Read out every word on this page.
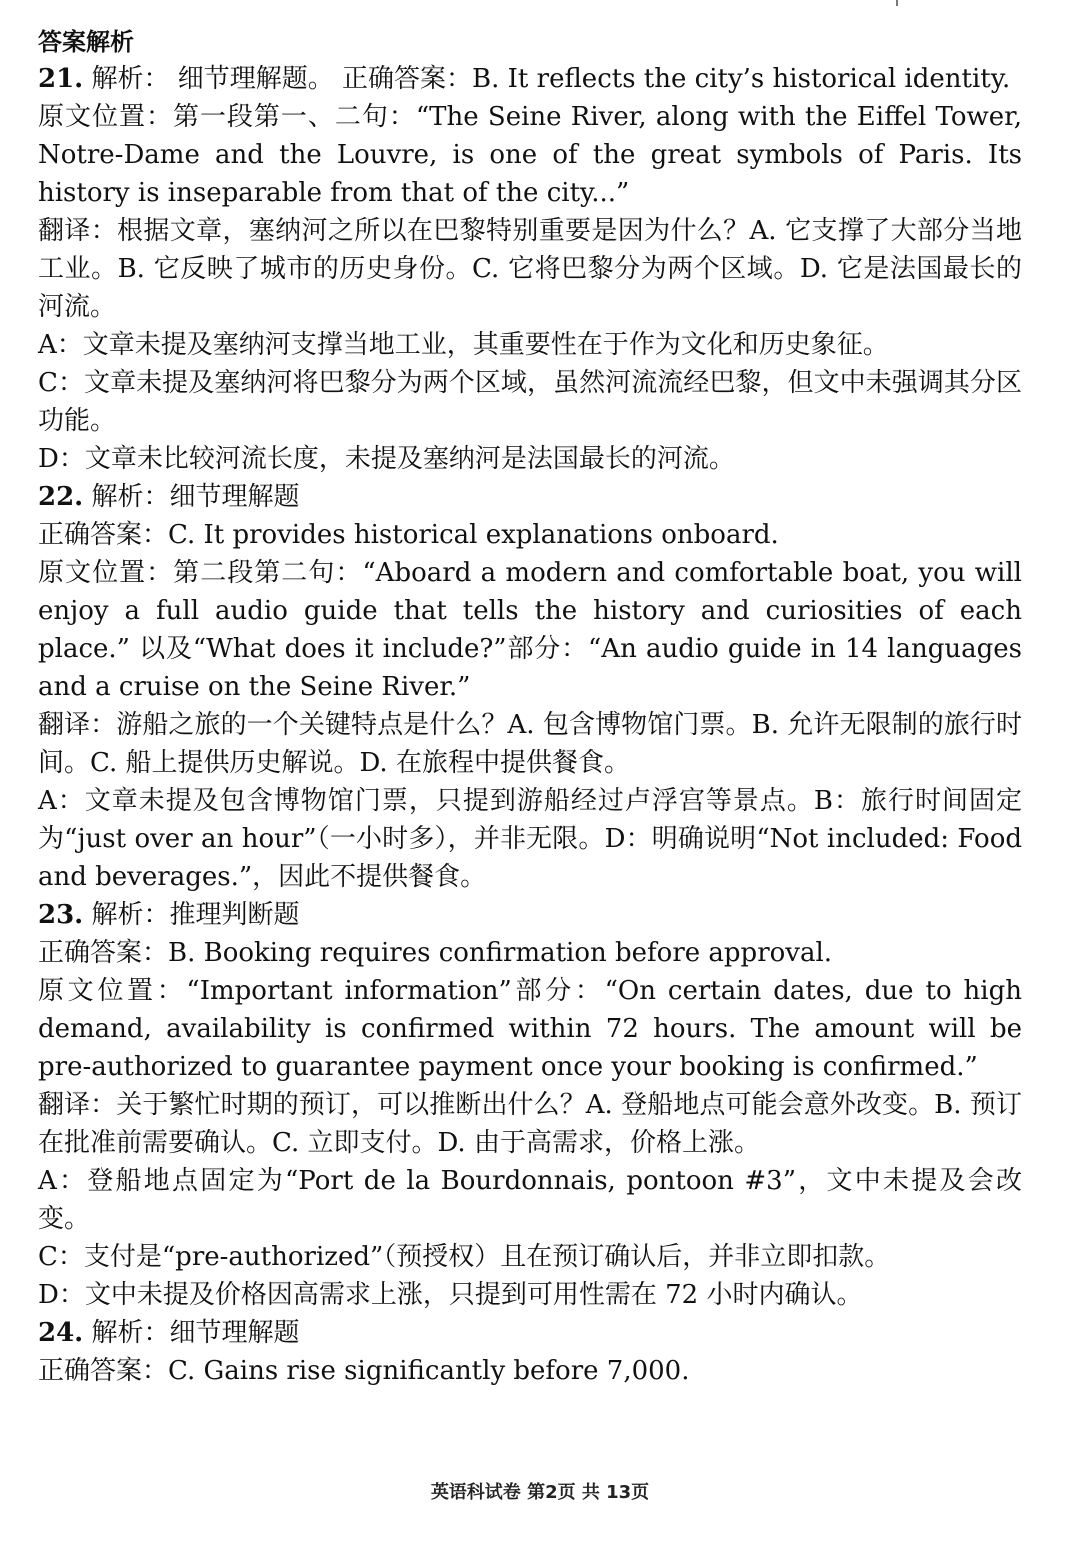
答案解析

21. 解析： 细节理解题。 正确答案：B. It reflects the city’s historical identity.

原文位置：第一段第一、二句：“The Seine River, along with the Eiffel Tower, Notre-Dame and the Louvre, is one of the great symbols of Paris. Its history is inseparable from that of the city...”

翻译：根据文章，塞纳河之所以在巴黎特别重要是因为什么？A. 它支撑了大部分当地工业。B. 它反映了城市的历史身份。C. 它将巴黎分为两个区域。D. 它是法国最长的河流。

A：文章未提及塞纳河支撑当地工业，其重要性在于作为文化和历史象征。

C：文章未提及塞纳河将巴黎分为两个区域，虽然河流流经巴黎，但文中未强调其分区功能。

D：文章未比较河流长度，未提及塞纳河是法国最长的河流。

22. 解析：细节理解题

正确答案：C. It provides historical explanations onboard.

原文位置：第二段第二句：“Aboard a modern and comfortable boat, you will enjoy a full audio guide that tells the history and curiosities of each place.” 以及“What does it include?”部分：“An audio guide in 14 languages and a cruise on the Seine River.”

翻译：游船之旅的一个关键特点是什么？A. 包含博物馆门票。B. 允许无限制的旅行时间。C. 船上提供历史解说。D. 在旅程中提供餐食。

A：文章未提及包含博物馆门票，只提到游船经过卢浮宫等景点。B：旅行时间固定为“just over an hour”（一小时多），并非无限。D：明确说明“Not included: Food and beverages.”，因此不提供餐食。

23. 解析：推理判断题

正确答案：B. Booking requires confirmation before approval.

原文位置：“Important information”部分：“On certain dates, due to high demand, availability is confirmed within 72 hours. The amount will be pre-authorized to guarantee payment once your booking is confirmed.”

翻译：关于繁忙时期的预订，可以推断出什么？A. 登船地点可能会意外改变。B. 预订在批准前需要确认。C. 立即支付。D. 由于高需求，价格上涨。

A：登船地点固定为“Port de la Bourdonnais, pontoon #3”，文中未提及会改变。

C：支付是“pre-authorized”（预授权）且在预订确认后，并非立即扣款。

D：文中未提及价格因高需求上涨，只提到可用性需在 72 小时内确认。

24. 解析：细节理解题

正确答案：C. Gains rise significantly before 7,000.

英语科试卷 第2页 共 13页
